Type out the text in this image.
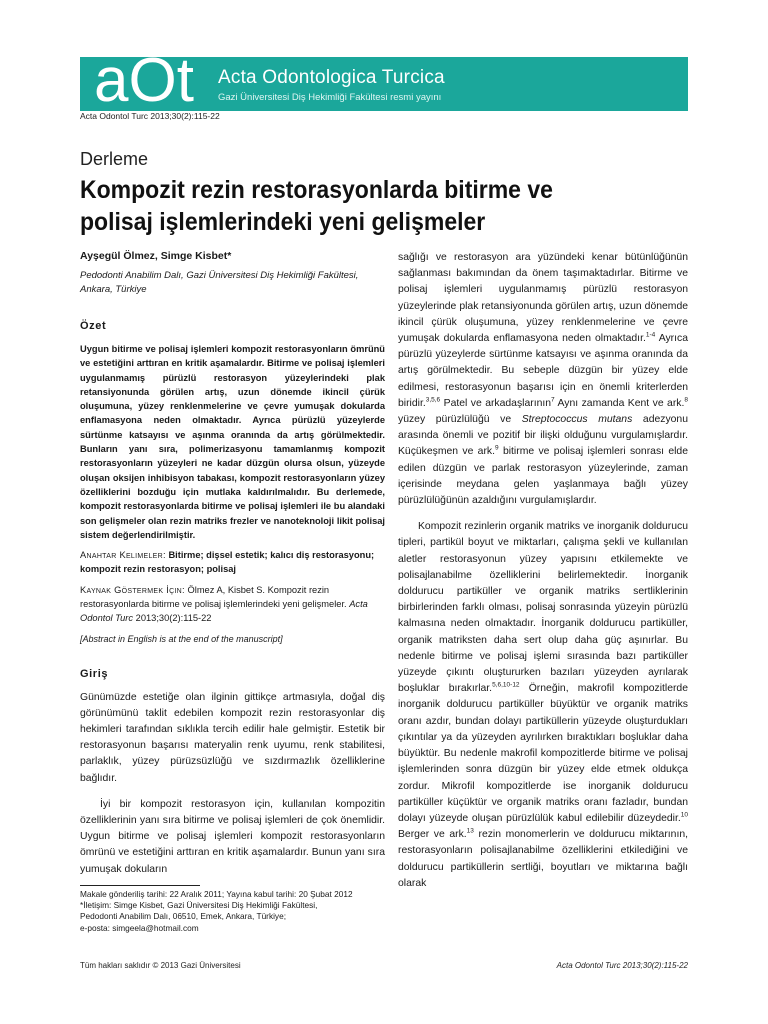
aOt Acta Odontologica Turcica
Gazi Üniversitesi Diş Hekimliği Fakültesi resmi yayını
Acta Odontol Turc 2013;30(2):115-22
Derleme
Kompozit rezin restorasyonlarda bitirme ve polisaj işlemlerindeki yeni gelişmeler
Ayşegül Ölmez, Simge Kisbet*
Pedodonti Anabilim Dalı, Gazi Üniversitesi Diş Hekimliği Fakültesi, Ankara, Türkiye
Özet

Uygun bitirme ve polisaj işlemleri kompozit restorasyonların ömrünü ve estetiğini arttıran en kritik aşamalardır. Bitirme ve polisaj işlemleri uygulanmamış pürüzlü restorasyon yüzeylerindeki plak retansiyonunda görülen artış, uzun dönemde ikincil çürük oluşumuna, yüzey renklenmelerine ve çevre yumuşak dokularda enflamasyona neden olmaktadır. Ayrıca pürüzlü yüzeylerde sürtünme katsayısı ve aşınma oranında da artış görülmektedir. Bunların yanı sıra, polimerizasyonu tamamlanmış kompozit restorasyonların yüzeyleri ne kadar düzgün olursa olsun, yüzeyde oluşan oksijen inhibisyon tabakası, kompozit restorasyonların yüzey özelliklerini bozduğu için mutlaka kaldırılmalıdır. Bu derlemede, kompozit restorasyonlarda bitirme ve polisaj işlemleri ile bu alandaki son gelişmeler olan rezin matriks frezler ve nanoteknoloji likit polisaj sistem değerlendirilmiştir.

Anahtar Kelimeler: Bitirme; dişsel estetik; kalıcı diş restorasyonu; kompozit rezin restorasyon; polisaj

Kaynak Göstermek İçin: Ölmez A, Kisbet S. Kompozit rezin restorasyonlarda bitirme ve polisaj işlemlerindeki yeni gelişmeler. Acta Odontol Turc 2013;30(2):115-22

[Abstract in English is at the end of the manuscript]

Giriş

Günümüzde estetiğe olan ilginin gittikçe artmasıyla, doğal diş görünümünü taklit edebilen kompozit rezin restorasyonlar diş hekimleri tarafından sıklıkla tercih edilir hale gelmiştir. Estetik bir restorasyonun başarısı materyalin renk uyumu, renk stabilitesi, parlaklık, yüzey pürüzsüzlüğü ve sızdırmazlık özelliklerine bağlıdır.

İyi bir kompozit restorasyon için, kullanılan kompozitin özelliklerinin yanı sıra bitirme ve polisaj işlemleri de çok önemlidir. Uygun bitirme ve polisaj işlemleri kompozit restorasyonların ömrünü ve estetiğini arttıran en kritik aşamalardır. Bunun yanı sıra yumuşak dokuların

sağlığı ve restorasyon ara yüzündeki kenar bütünlüğünün sağlanması bakımından da önem taşımaktadırlar. Bitirme ve polisaj işlemleri uygulanmamış pürüzlü restorasyon yüzeylerinde plak retansiyonunda görülen artış, uzun dönemde ikincil çürük oluşumuna, yüzey renklenmelerine ve çevre yumuşak dokularda enflamasyona neden olmaktadır.$^{1-4}$ Ayrıca pürüzlü yüzeylerde sürtünme katsayısı ve aşınma oranında da artış görülmektedir. Bu sebeple düzgün bir yüzey elde edilmesi, restorasyonun başarısı için en önemli kriterlerden biridir.$^{3,5,6}$ Patel ve arkadaşlarının$^7$ Aynı zamanda Kent ve ark.$^8$ yüzey pürüzlülüğü ve Streptococcus mutans adezyonu arasında önemli ve pozitif bir ilişki olduğunu vurgulamışlardır. Küçükeşmen ve ark.$^9$ bitirme ve polisaj işlemleri sonrası elde edilen düzgün ve parlak restorasyon yüzeylerinde, zaman içerisinde meydana gelen yaşlanmaya bağlı yüzey pürüzlülüğünün azaldığını vurgulamışlardır.

Kompozit rezinlerin organik matriks ve inorganik doldurucu tipleri, partikül boyut ve miktarları, çalışma şekli ve kullanılan aletler restorasyonun yüzey yapısını etkilemekte ve polisajlanabilme özelliklerini belirlemektedir. İnorganik doldurucu partiküller ve organik matriks sertliklerinin birbirlerinden farklı olması, polisaj sonrasında yüzeyin pürüzlü kalmasına neden olmaktadır. İnorganik doldurucu partiküller, organik matriksten daha sert olup daha güç aşınırlar. Bu nedenle bitirme ve polisaj işlemi sırasında bazı partiküller yüzeyde çıkıntı oluştururken bazıları yüzeyden ayrılarak boşluklar bırakırlar.$^{5,6,10-12}$ Örneğin, makrofil kompozitlerde inorganik doldurucu partiküller büyüktür ve organik matriks oranı azdır, bundan dolayı partiküllerin yüzeyde oluşturdukları çıkıntılar ya da yüzeyden ayrılırken bıraktıkları boşluklar daha büyüktür. Bu nedenle makrofil kompozitlerde bitirme ve polisaj işlemlerinden sonra düzgün bir yüzey elde etmek oldukça zordur. Mikrofil kompozitlerde ise inorganik doldurucu partiküller küçüktür ve organik matriks oranı fazladır, bundan dolayı yüzeyde oluşan pürüzlülük kabul edilebilir düzeydedir.$^{10}$ Berger ve ark.$^{13}$ rezin monomerlerin ve doldurucu miktarının, restorasyonların polisajlanabilme özelliklerini etkilediğini ve doldurucu partiküllerin sertliği, boyutları ve miktarına bağlı olarak

Makale gönderiliş tarihi: 22 Aralık 2011; Yayına kabul tarihi: 20 Şubat 2012
*İletişim: Simge Kisbet, Gazi Üniversitesi Diş Hekimliği Fakültesi,
Pedodonti Anabilim Dalı, 06510, Emek, Ankara, Türkiye;
e-posta: simgeela@hotmail.com
Tüm hakları saklıdır © 2013 Gazi Üniversitesi	Acta Odontol Turc 2013;30(2):115-22
